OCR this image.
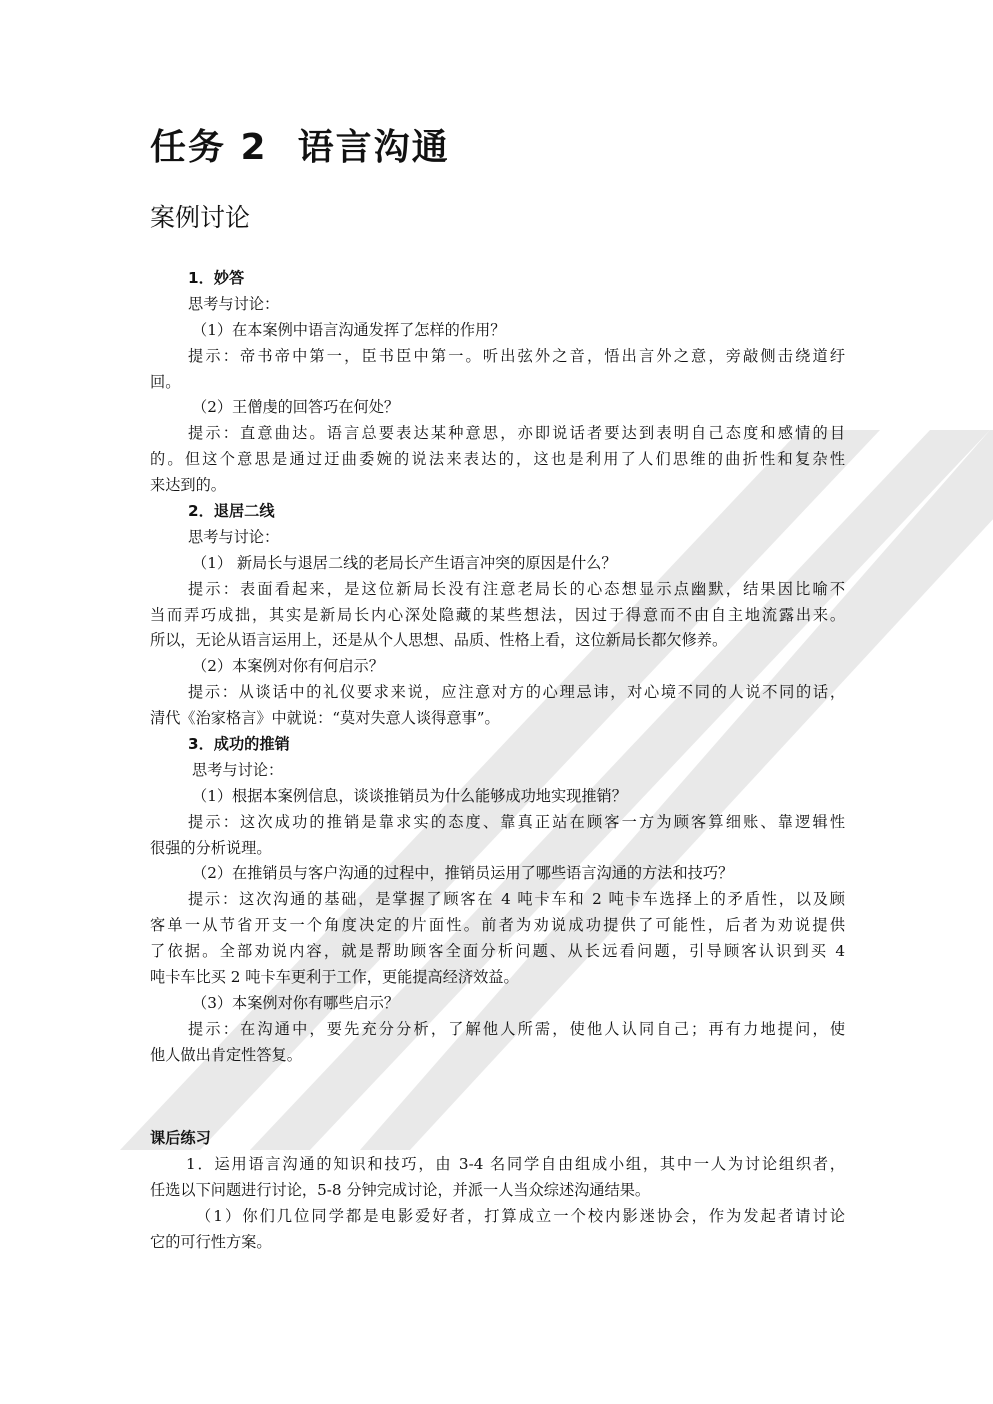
任务 2 语言沟通
案例讨论
1．妙答
思考与讨论：
（1）在本案例中语言沟通发挥了怎样的作用？
提示：帝书帝中第一，臣书臣中第一。听出弦外之音，悟出言外之意，旁敲侧击绕道纡
回。
（2）王僧虔的回答巧在何处？
提示：直意曲达。语言总要表达某种意思，亦即说话者要达到表明自己态度和感情的目
的。但这个意思是通过迂曲委婉的说法来表达的，这也是利用了人们思维的曲折性和复杂性
来达到的。
2．退居二线
思考与讨论：
（1） 新局长与退居二线的老局长产生语言冲突的原因是什么？
提示：表面看起来，是这位新局长没有注意老局长的心态想显示点幽默，结果因比喻不
当而弄巧成拙，其实是新局长内心深处隐藏的某些想法，因过于得意而不由自主地流露出来。
所以，无论从语言运用上，还是从个人思想、品质、性格上看，这位新局长都欠修养。
（2）本案例对你有何启示？
提示：从谈话中的礼仪要求来说，应注意对方的心理忌讳，对心境不同的人说不同的话，
清代《治家格言》中就说：“莫对失意人谈得意事”。
3．成功的推销
思考与讨论：
（1）根据本案例信息，谈谈推销员为什么能够成功地实现推销？
提示：这次成功的推销是靠求实的态度、靠真正站在顾客一方为顾客算细账、靠逻辑性
很强的分析说理。
（2）在推销员与客户沟通的过程中，推销员运用了哪些语言沟通的方法和技巧？
提示：这次沟通的基础，是掌握了顾客在 4 吨卡车和 2 吨卡车选择上的矛盾性，以及顾
客单一从节省开支一个角度决定的片面性。前者为劝说成功提供了可能性，后者为劝说提供
了依据。全部劝说内容，就是帮助顾客全面分析问题、从长远看问题，引导顾客认识到买 4
吨卡车比买 2 吨卡车更利于工作，更能提高经济效益。
（3）本案例对你有哪些启示？
提示：在沟通中，要先充分分析，了解他人所需，使他人认同自己；再有力地提问，使
他人做出肯定性答复。
课后练习
1．运用语言沟通的知识和技巧，由 3-4 名同学自由组成小组，其中一人为讨论组织者，
任选以下问题进行讨论，5-8 分钟完成讨论，并派一人当众综述沟通结果。
（1）你们几位同学都是电影爱好者，打算成立一个校内影迷协会，作为发起者请讨论
它的可行性方案。
